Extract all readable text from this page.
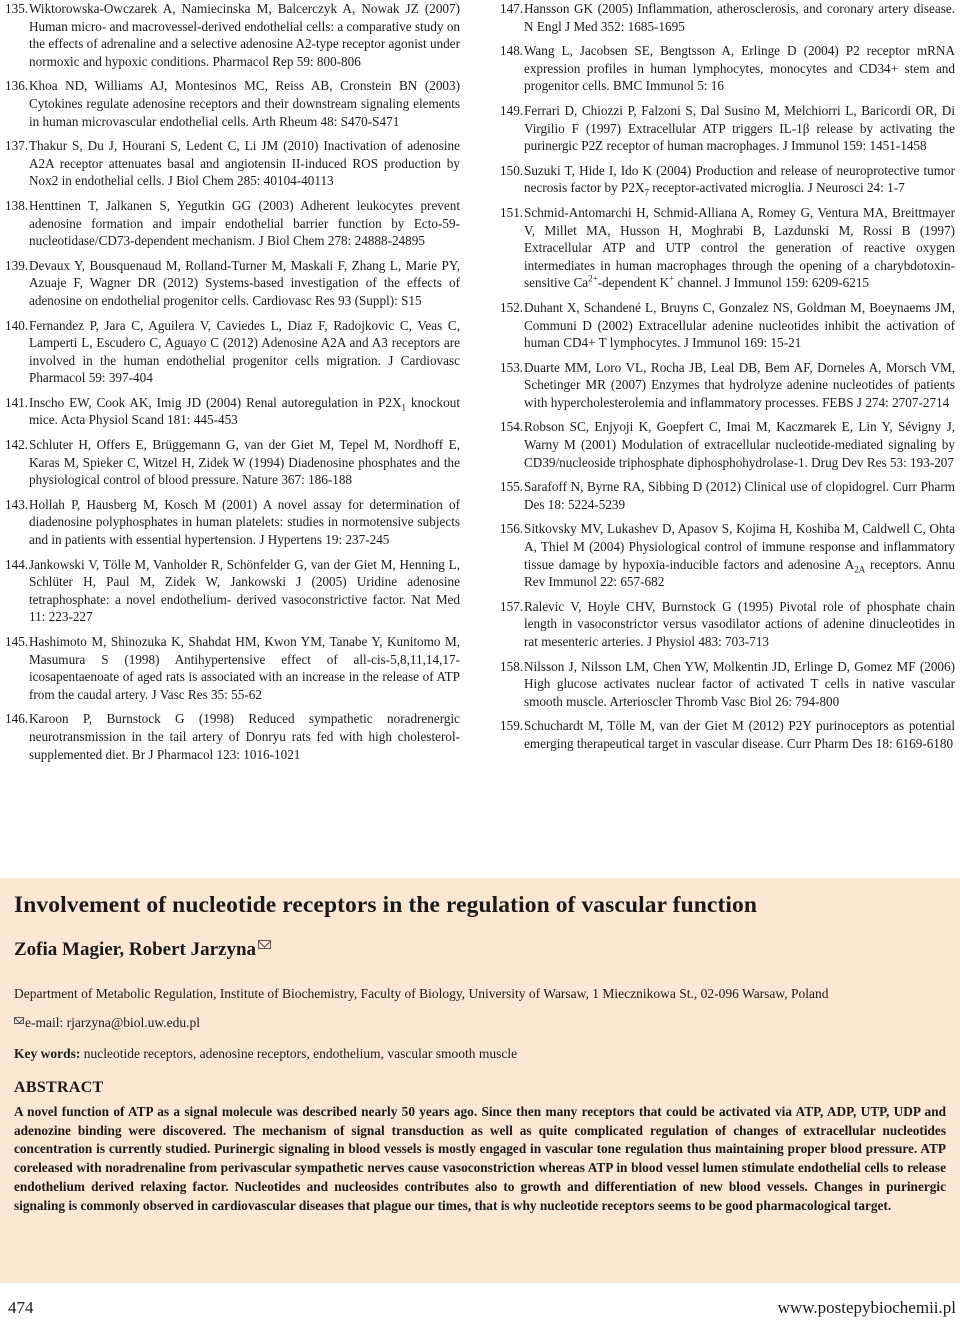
135. Wiktorowska-Owczarek A, Namiecinska M, Balcerczyk A, Nowak JZ (2007) Human micro- and macrovessel-derived endothelial cells: a comparative study on the effects of adrenaline and a selective adenosine A2-type receptor agonist under normoxic and hypoxic conditions. Pharmacol Rep 59: 800-806
136. Khoa ND, Williams AJ, Montesinos MC, Reiss AB, Cronstein BN (2003) Cytokines regulate adenosine receptors and their downstream signaling elements in human microvascular endothelial cells. Arth Rheum 48: S470-S471
137. Thakur S, Du J, Hourani S, Ledent C, Li JM (2010) Inactivation of adenosine A2A receptor attenuates basal and angiotensin II-induced ROS production by Nox2 in endothelial cells. J Biol Chem 285: 40104-40113
138. Henttinen T, Jalkanen S, Yegutkin GG (2003) Adherent leukocytes prevent adenosine formation and impair endothelial barrier function by Ecto-59- nucleotidase/CD73-dependent mechanism. J Biol Chem 278: 24888-24895
139. Devaux Y, Bousquenaud M, Rolland-Turner M, Maskali F, Zhang L, Marie PY, Azuaje F, Wagner DR (2012) Systems-based investigation of the effects of adenosine on endothelial progenitor cells. Cardiovasc Res 93 (Suppl): S15
140. Fernandez P, Jara C, Aguilera V, Caviedes L, Diaz F, Radojkovic C, Veas C, Lamperti L, Escudero C, Aguayo C (2012) Adenosine A2A and A3 receptors are involved in the human endothelial progenitor cells migration. J Cardiovasc Pharmacol 59: 397-404
141. Inscho EW, Cook AK, Imig JD (2004) Renal autoregulation in $P2X_1$ knockout mice. Acta Physiol Scand 181: 445-453
142. Schluter H, Offers E, Brüggemann G, van der Giet M, Tepel M, Nordhoff E, Karas M, Spieker C, Witzel H, Zidek W (1994) Diadenosine phosphates and the physiological control of blood pressure. Nature 367: 186-188
143. Hollah P, Hausberg M, Kosch M (2001) A novel assay for determination of diadenosine polyphosphates in human platelets: studies in normotensive subjects and in patients with essential hypertension. J Hypertens 19: 237-245
144. Jankowski V, Tölle M, Vanholder R, Schönfelder G, van der Giet M, Henning L, Schlüter H, Paul M, Zidek W, Jankowski J (2005) Uridine adenosine tetraphosphate: a novel endothelium- derived vasoconstrictive factor. Nat Med 11: 223-227
145. Hashimoto M, Shinozuka K, Shahdat HM, Kwon YM, Tanabe Y, Kunitomo M, Masumura S (1998) Antihypertensive effect of all-cis-5,8,11,14,17-icosapentaenoate of aged rats is associated with an increase in the release of ATP from the caudal artery. J Vasc Res 35: 55-62
146. Karoon P, Burnstock G (1998) Reduced sympathetic noradrenergic neurotransmission in the tail artery of Donryu rats fed with high cholesterol-supplemented diet. Br J Pharmacol 123: 1016-1021
147. Hansson GK (2005) Inflammation, atherosclerosis, and coronary artery disease. N Engl J Med 352: 1685-1695
148. Wang L, Jacobsen SE, Bengtsson A, Erlinge D (2004) P2 receptor mRNA expression profiles in human lymphocytes, monocytes and CD34+ stem and progenitor cells. BMC Immunol 5: 16
149. Ferrari D, Chiozzi P, Falzoni S, Dal Susino M, Melchiorri L, Baricordi OR, Di Virgilio F (1997) Extracellular ATP triggers IL-1β release by activating the purinergic P2Z receptor of human macrophages. J Immunol 159: 1451-1458
150. Suzuki T, Hide I, Ido K (2004) Production and release of neuroprotective tumor necrosis factor by $P2X_7$ receptor-activated microglia. J Neurosci 24: 1-7
151. Schmid-Antomarchi H, Schmid-Alliana A, Romey G, Ventura MA, Breittmayer V, Millet MA, Husson H, Moghrabi B, Lazdunski M, Rossi B (1997) Extracellular ATP and UTP control the generation of reactive oxygen intermediates in human macrophages through the opening of a charybdotoxin-sensitive $Ca^{2+}$-dependent K+ channel. J Immunol 159: 6209-6215
152. Duhant X, Schandené L, Bruyns C, Gonzalez NS, Goldman M, Boeynaems JM, Communi D (2002) Extracellular adenine nucleotides inhibit the activation of human CD4+ T lymphocytes. J Immunol 169: 15-21
153. Duarte MM, Loro VL, Rocha JB, Leal DB, Bem AF, Dorneles A, Morsch VM, Schetinger MR (2007) Enzymes that hydrolyze adenine nucleotides of patients with hypercholesterolemia and inflammatory processes. FEBS J 274: 2707-2714
154. Robson SC, Enjyoji K, Goepfert C, Imai M, Kaczmarek E, Lin Y, Sévigny J, Warny M (2001) Modulation of extracellular nucleotide-mediated signaling by CD39/nucleoside triphosphate diphosphohydrolase-1. Drug Dev Res 53: 193-207
155. Sarafoff N, Byrne RA, Sibbing D (2012) Clinical use of clopidogrel. Curr Pharm Des 18: 5224-5239
156. Sitkovsky MV, Lukashev D, Apasov S, Kojima H, Koshiba M, Caldwell C, Ohta A, Thiel M (2004) Physiological control of immune response and inflammatory tissue damage by hypoxia-inducible factors and adenosine $A_{2A}$ receptors. Annu Rev Immunol 22: 657-682
157. Ralevic V, Hoyle CHV, Burnstock G (1995) Pivotal role of phosphate chain length in vasoconstrictor versus vasodilator actions of adenine dinucleotides in rat mesenteric arteries. J Physiol 483: 703-713
158. Nilsson J, Nilsson LM, Chen YW, Molkentin JD, Erlinge D, Gomez MF (2006) High glucose activates nuclear factor of activated T cells in native vascular smooth muscle. Arterioscler Thromb Vasc Biol 26: 794-800
159. Schuchardt M, Tölle M, van der Giet M (2012) P2Y purinoceptors as potential emerging therapeutical target in vascular disease. Curr Pharm Des 18: 6169-6180
Involvement of nucleotide receptors in the regulation of vascular function
Zofia Magier, Robert Jarzyna

Department of Metabolic Regulation, Institute of Biochemistry, Faculty of Biology, University of Warsaw, 1 Miecznikowa St., 02-096 Warsaw, Poland

e-mail: rjarzyna@biol.uw.edu.pl

Key words: nucleotide receptors, adenosine receptors, endothelium, vascular smooth muscle

ABSTRACT

A novel function of ATP as a signal molecule was described nearly 50 years ago. Since then many receptors that could be activated via ATP, ADP, UTP, UDP and adenozine binding were discovered. The mechanism of signal transduction as well as quite complicated regulation of changes of extracellular nucleotides concentration is currently studied. Purinergic signaling in blood vessels is mostly engaged in vascular tone regulation thus maintaining proper blood pressure. ATP coreleased with noradrenaline from perivascular sympathetic nerves cause vasoconstriction whereas ATP in blood vessel lumen stimulate endothelial cells to release endothelium derived relaxing factor. Nucleotides and nucleosides contributes also to growth and differentiation of new blood vessels. Changes in purinergic signaling is commonly observed in cardiovascular diseases that plague our times, that is why nucleotide receptors seems to be good pharmacological target.

474	www.postepybiochemii.pl
